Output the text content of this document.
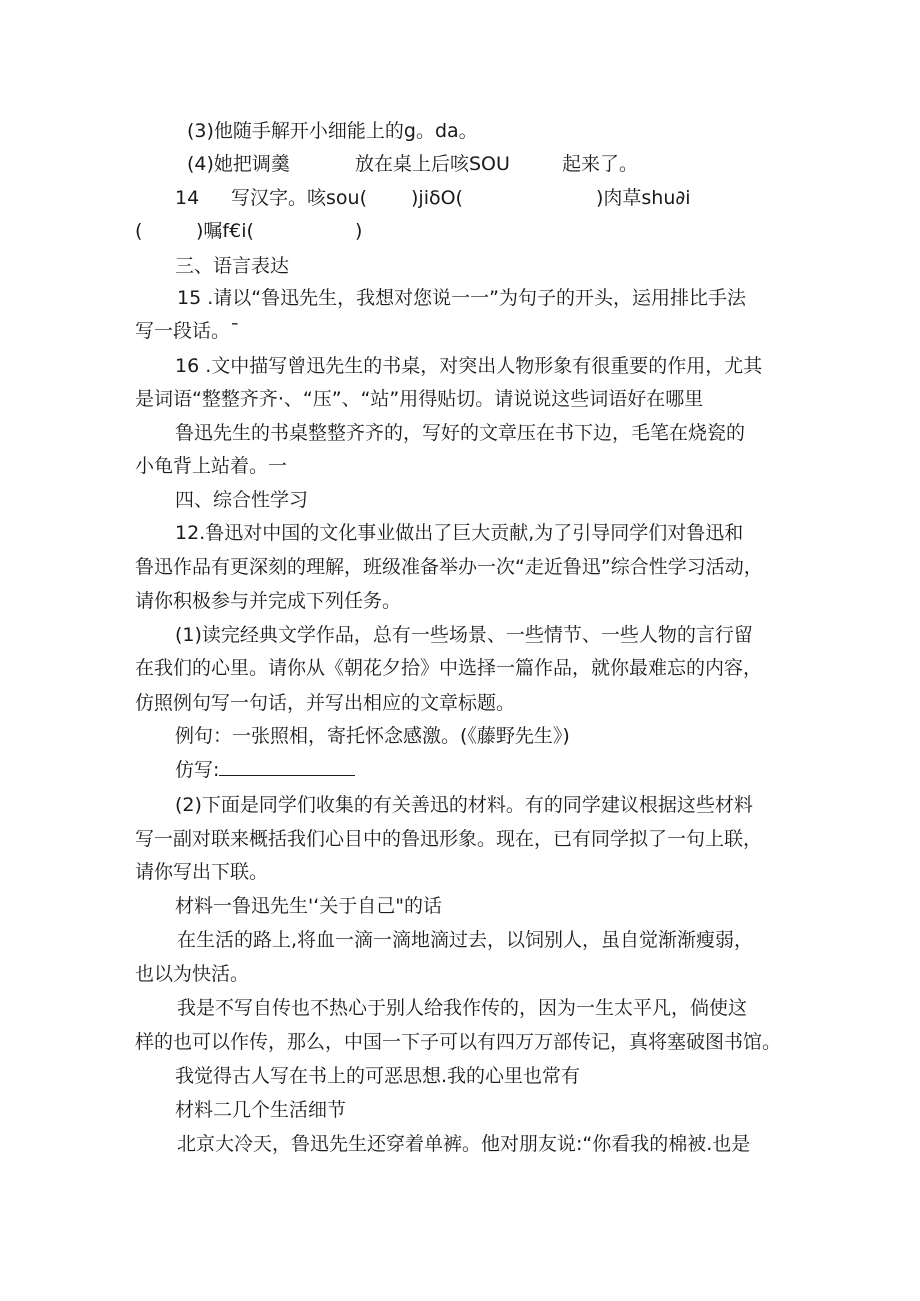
(3)他随手解开小细能上的g。da。
(4)她把调羹	放在桌上后咳SOU	起来了。
14 写汉字。咳sou( )jiδO(	)肉草shu∂i
(	)嘱f€i(	)
三、语言表达
15 .请以“鲁迅先生，我想对您说一一”为句子的开头，运用排比手法
写一段话。¯
16 .文中描写曾迅先生的书桌，对突出人物形象有很重要的作用，尤其
是词语“整整齐齐·、“压”、“站”用得贴切。请说说这些词语好在哪里
鲁迅先生的书桌整整齐齐的，写好的文章压在书下边，毛笔在烧瓷的
小龟背上站着。一
四、综合性学习
12.鲁迅对中国的文化事业做出了巨大贡献,为了引导同学们对鲁迅和
鲁迅作品有更深刻的理解，班级准备举办一次“走近鲁迅”综合性学习活动，
请你积极参与并完成下列任务。
(1)读完经典文学作品，总有一些场景、一些情节、一些人物的言行留
在我们的心里。请你从《朝花夕拾》中选择一篇作品，就你最难忘的内容，
仿照例句写一句话，并写出相应的文章标题。
例句：一张照相，寄托怀念感激。(《藤野先生》)
仿写:
(2)下面是同学们收集的有关善迅的材料。有的同学建议根据这些材料
写一副对联来概括我们心目中的鲁迅形象。现在，已有同学拟了一句上联，
请你写出下联。
材料一鲁迅先生'‘关于自己"的话
在生活的路上,将血一滴一滴地滴过去，以饲别人，虽自觉渐渐瘦弱，
也以为快活。
我是不写自传也不热心于别人给我作传的，因为一生太平凡，倘使这
样的也可以作传，那么，中国一下子可以有四万万部传记，真将塞破图书馆。
我觉得古人写在书上的可恶思想.我的心里也常有
材料二几个生活细节
北京大冷天，鲁迅先生还穿着单裤。他对朋友说:“你看我的棉被.也是
